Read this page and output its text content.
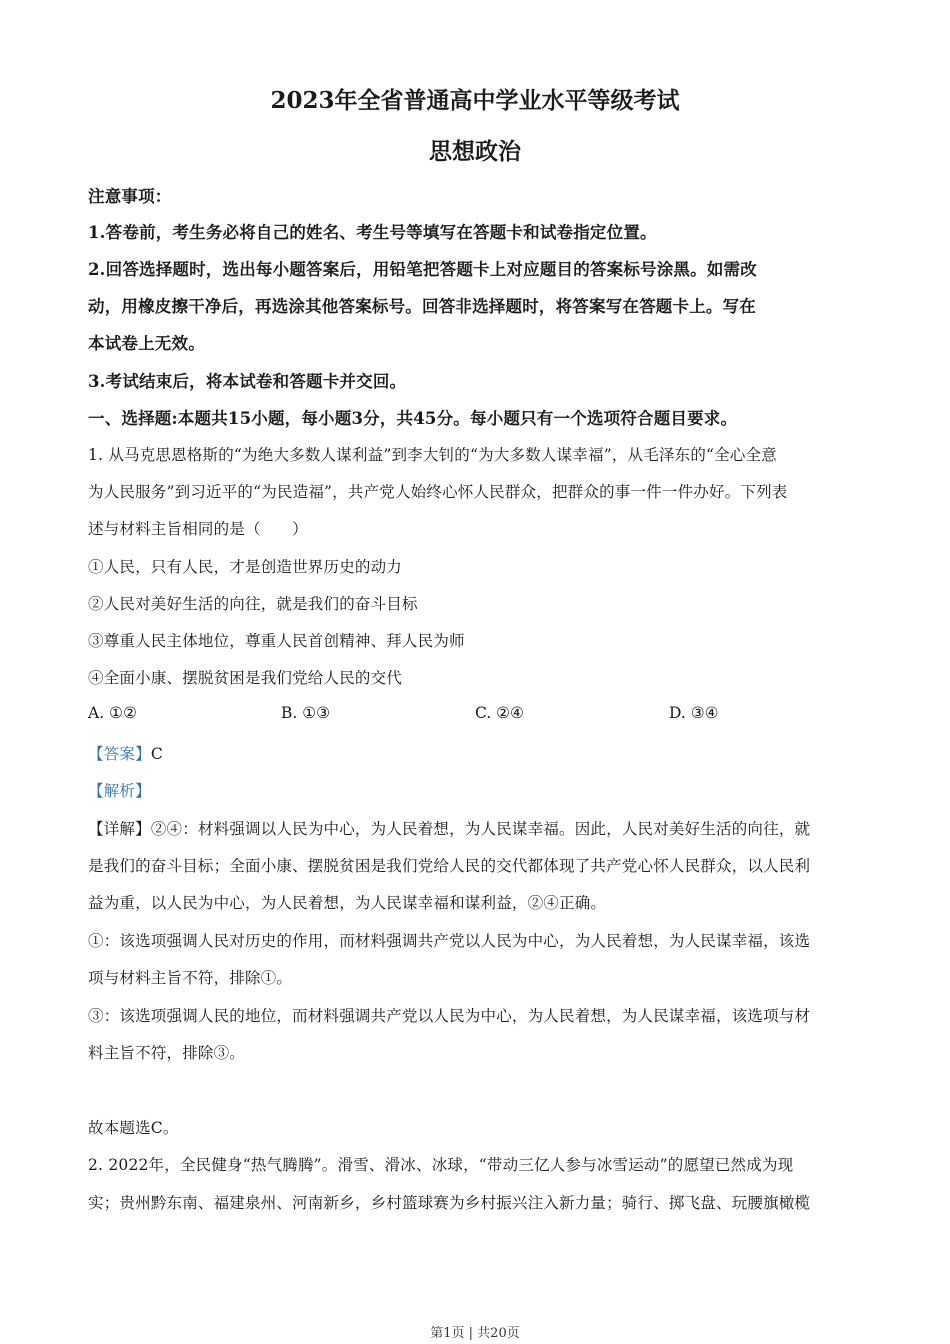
2023年全省普通高中学业水平等级考试
思想政治
注意事项：
1.答卷前，考生务必将自己的姓名、考生号等填写在答题卡和试卷指定位置。
2.回答选择题时，选出每小题答案后，用铅笔把答题卡上对应题目的答案标号涂黑。如需改
动，用橡皮擦干净后，再选涂其他答案标号。回答非选择题时，将答案写在答题卡上。写在
本试卷上无效。
3.考试结束后，将本试卷和答题卡并交回。
一、选择题:本题共15小题，每小题3分，共45分。每小题只有一个选项符合题目要求。
1. 从马克思恩格斯的“为绝大多数人谋利益”到李大钊的“为大多数人谋幸福”，从毛泽东的“全心全意
为人民服务”到习近平的“为民造福”，共产党人始终心怀人民群众，把群众的事一件一件办好。下列表
述与材料主旨相同的是（　　）
①人民，只有人民，才是创造世界历史的动力
②人民对美好生活的向往，就是我们的奋斗目标
③尊重人民主体地位，尊重人民首创精神、拜人民为师
④全面小康、摆脱贫困是我们党给人民的交代
A. ①②	B. ①③	C. ②④	D. ③④
【答案】C
【解析】
【详解】②④：材料强调以人民为中心，为人民着想，为人民谋幸福。因此，人民对美好生活的向往，就
是我们的奋斗目标；全面小康、摆脱贫困是我们党给人民的交代都体现了共产党心怀人民群众，以人民利
益为重，以人民为中心，为人民着想，为人民谋幸福和谋利益，②④正确。
①：该选项强调人民对历史的作用，而材料强调共产党以人民为中心，为人民着想，为人民谋幸福，该选
项与材料主旨不符，排除①。
③：该选项强调人民的地位，而材料强调共产党以人民为中心，为人民着想，为人民谋幸福，该选项与材
料主旨不符，排除③。
故本题选C。
2. 2022年，全民健身“热气腾腾”。滑雪、滑冰、冰球，“带动三亿人参与冰雪运动”的愿望已然成为现
实；贵州黔东南、福建泉州、河南新乡，乡村篮球赛为乡村振兴注入新力量；骑行、掷飞盘、玩腰旗橄榄
第1页 | 共20页
